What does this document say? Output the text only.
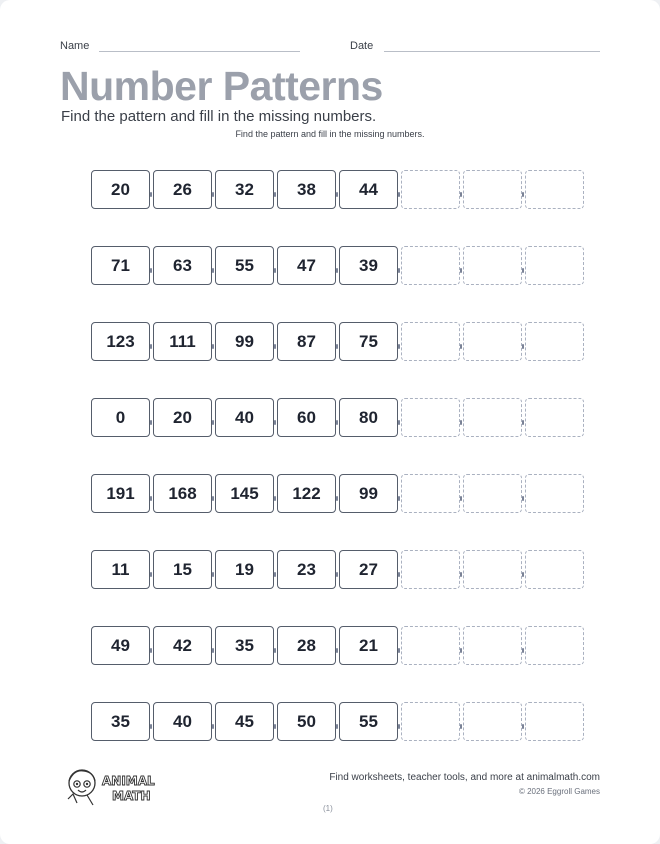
Name	Date
Number Patterns
Find the pattern and fill in the missing numbers.
Find the pattern and fill in the missing numbers.
20	26	32	38	44
71	63	55	47	39
123	111	99	87	75
0	20	40	60	80
191	168	145	122	99
11	15	19	23	27
49	42	35	28	21
35	40	45	50	55
ANIMAL
MATH
Find worksheets, teacher tools, and more at animalmath.com
© 2026 Eggroll Games
(1)
